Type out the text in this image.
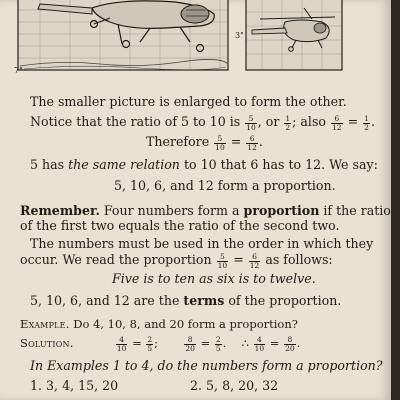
7"
3"
The smaller picture is enlarged to form the other.
Notice that the ratio of 5 to 10 is $\frac{5}{10}$ , or $\frac{1}{2}$ ; also $\frac{6}{12} = \frac{1}{2}$ .
Therefore $\frac{5}{10} = \frac{6}{12}$ .
5 has the same relation to 10 that 6 has to 12. We say:
5, 10, 6, and 12 form a proportion.
Remember. Four numbers form a proportion if the ratio
of the first two equals the ratio of the second two.
The numbers must be used in the order in which they
occur. We read the proportion $\frac{5}{10} = \frac{6}{12}$ as follows:
Five is to ten as six is to twelve.
5, 10, 6, and 12 are the terms of the proportion.
Example. Do 4, 10, 8, and 20 form a proportion?
Solution.	$\frac{4}{10} = \frac{2}{5}$ ;	$\frac{8}{20} = \frac{2}{5}$ . ∴ $\frac{4}{10} = \frac{8}{20}$ .
In Examples 1 to 4, do the numbers form a proportion?
1. 3, 4, 15, 20	2. 5, 8, 20, 32
